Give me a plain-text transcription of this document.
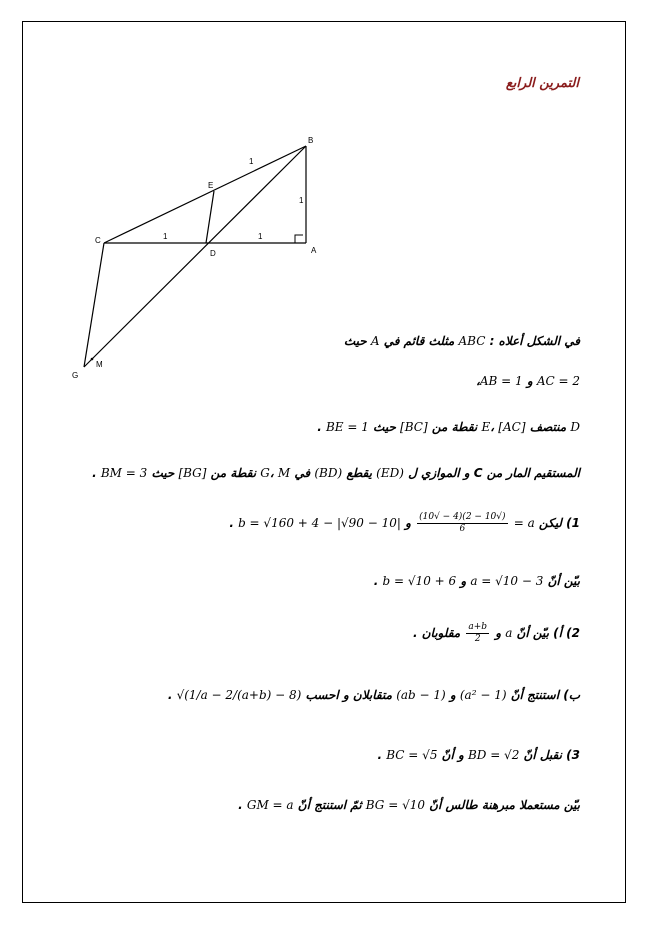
التمرين الرابع
B
E
C
D	A
G
M
1
1	1
1
في الشكل أعلاه : ABC مثلث قائم في A حيث
AC = 2 و AB = 1،
D منتصف [AC] ،E نقطة من [BC] حيث BE = 1 .
المستقيم المار من C و الموازي ل (ED) يقطع (BD) في G، M نقطة من [BG] حيث BM = 3 .
1) ليكن a =
$\frac{(√10 - 2)(4 - √10)}{6}$
و b = √160 + 4 − |√90 − 10| .
بيّن أنّ a = √10 − 3 و b = √10 + 6 .
2) أ) بيّن أنّ a و
$\frac{a+b}{2}$
مقلوبان .
ب) استنتج أنّ (a² − 1) و (ab − 1) متقابلان و احسب √(1/a − 2/(a+b) − 8) .
3) نقبل أنّ BD = √2 و أنّ BC = √5 .
بيّن مستعملا مبرهنة طالس أنّ BG = √10 ثمّ استنتج أنّ GM = a .
